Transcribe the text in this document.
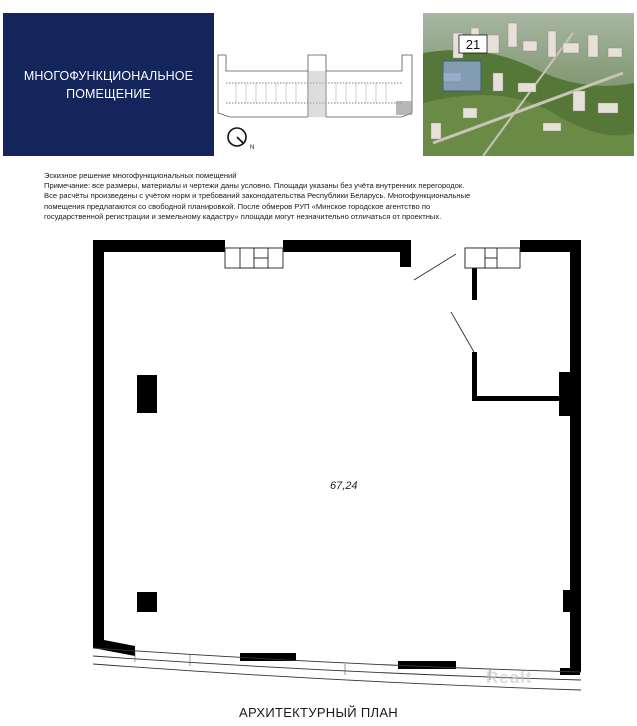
МНОГОФУНКЦИОНАЛЬНОЕ
ПОМЕЩЕНИЕ
N
21
Эскизное решение многофункциональных помещений
Примечание: все размеры, материалы и чертежи даны условно. Площади указаны без учёта внутренних перегородок.
Все расчёты произведены с учётом норм и требований законодательства Республики Беларусь. Многофункциональные
помещения предлагаются со свободной планировкой. После обмеров РУП «Минское городское агентство по
государственной регистрации и земельному кадастру» площади могут незначительно отличаться от проектных.
67,24
Realt
АРХИТЕКТУРНЫЙ ПЛАН
